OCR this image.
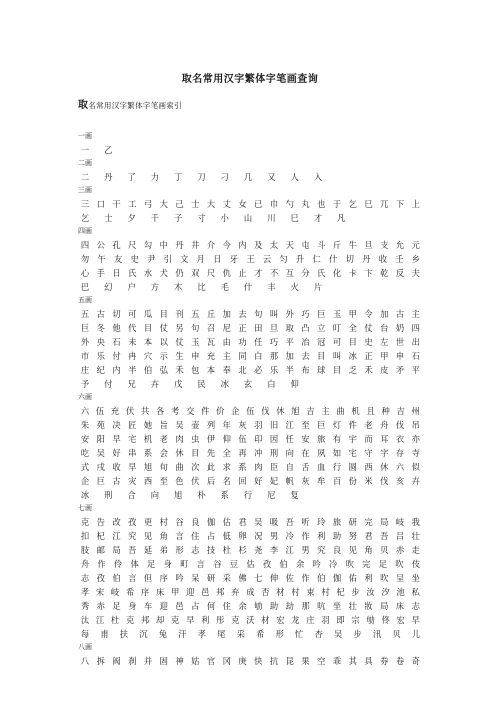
取名常用汉字繁体字笔画查询
取名常用汉字繁体字笔画索引
一画
一	乙
二画
二	丹	了	力	丁	刀	刁	几	又	人	入
三画
三 口 干 工 弓 大 己 士 大 丈 女 已 巾 勺 丸 也 于 乞 巳 兀 下 上
乞	士	夕	千	子	寸	小	山	川	巳	才	凡
四画
四 公 孔 尺 勾 中 丹 井 介 今 内 及 太 天 屯 斗 斤 牛 旦 支 允 元
勿 午 友 史 尹 引 文 月 日 牙 王 云 匀 升 仁 什 切 丹 收 壬 乡
心 手 日 氏 水 犬 仍 双 尺 仇 止 才 不 互 分 氏 化 卡 卞 乾 反 夫
巴	幻	户	方	木	比	毛	什	丰	火	片
五画
五 古 切 可 瓜 目 刊 五 丘 加 去 句 叫 外 巧 巨 玉 甲 令 加 古 主
巨 冬 他 代 目 仗 另 句 召 尼 正 田 旦 取 凸 立 叮 全 仗 台 奶 四
外 央 石 未 本 以 仗 玉 瓦 由 功 任 巧 平 冶 冠 可 目 史 左 世 出
市 乐 付 冉 穴 示 生 申 充 主 同 白 那 加 去 目 叫 冰 正 甲 申 石
庄 纪 内 半 伯 弘 禾 包 本 奉 北 必 乐 半 布 球 目 乏 禾 皮 矛 平
予	付	兄	卉	戊	民	冰	玄	白	仰
六画
六 伍 充 伏 共 各 考 交 件 价 企 伍 伐 休 旭 吉 主 曲 机 且 种 吉 州
朱 苑 决 匠 她 旨 吴 壶 列 年 灰 羽 旧 江 至 巨 灯 件 老 舟 伐 吊
安 阳 早 宅 机 老 肉 虫 伊 仰 伍 印 因 任 安 旅 有 宇 而 耳 衣 亦
吃 吴 好 串 系 会 休 目 先 全 再 冲 刑 向 在 夙 如 宅 守 字 存 寺
式 戌 收 早 旭 旬 曲 次 此 求 系 肉 臣 自 舌 血 行 圆 西 休 六 似
企 巨 古 灾 西 至 色 伏 后 名 回 好 妃 帆 灰 牟 百 份 米 伐 亥 卉
冰	刑	合	向	旭	朴	系	行	尼	复
七画
克 告 改 孜 更 村 谷 良 伽 估 君 吴 吸 吾 听 玲 旅 研 完 局 岐 我
扣 杞 江 究 见 角 言 住 占 低 卵 况 男 冷 作 利 助 努 君 吾 吕 壮
肢 邮 局 吾 延 弟 形 志 技 杜 杉 尧 李 江 男 究 良 见 角 贝 赤 走
舟 作 伶 体 足 身 町 言 谷 豆 估 孜 伯 余 吟 冷 吹 完 足 吹 伎
志 孜 伯 言 但 序 吟 呆 研 采 佛 七 伸 佐 作 伯 伽 佑 利 吹 呈 坐
孝 宋 岐 希 序 床 甲 迎 邑 邦 弃 成 否 材 村 束 村 杞 步 汝 汐 池 私
秀 赤 足 身 车 迎 邑 占 何 住 余 劬 助 劫 那 吭 坐 壮 妝 局 床 志
汰 江 杜 克 邦 却 克 早 利 彤 克 沃 材 宏 龙 庄 羽 即 宗 劬 佟 宏 早
每	甫	扶	沉	兔	汗	孝	尾	采	希	形	忙	杏	吴	步	汛	贝	儿
八画
八 拆 阀 刹 并 固 神 姑 官 冈 庚 快 抗 昆 果 空 乖 其 具 券 卷 奇
